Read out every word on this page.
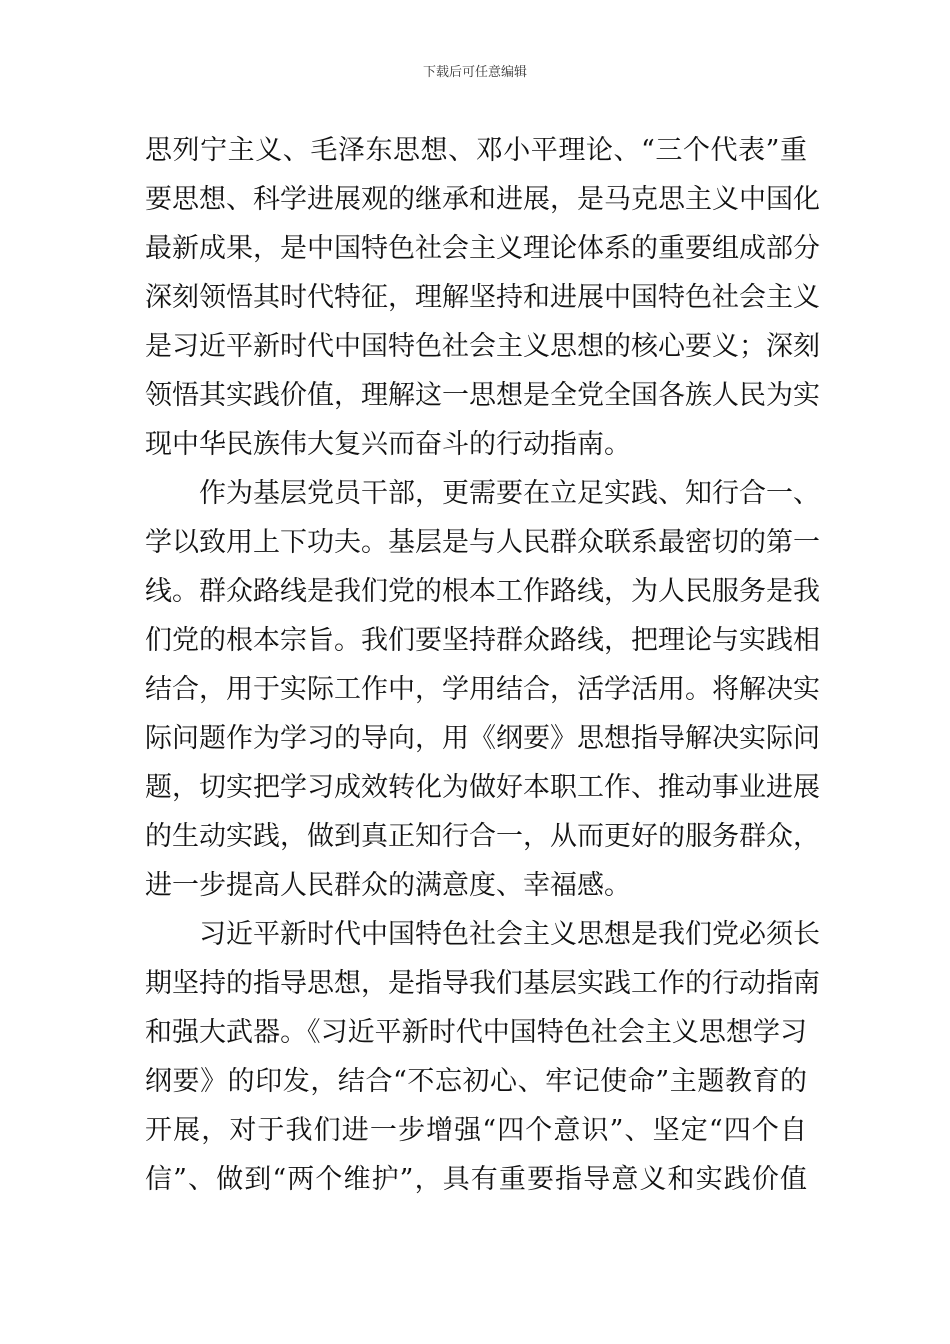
下载后可任意编辑
思列宁主义、毛泽东思想、邓小平理论、“三个代表”重
要思想、科学进展观的继承和进展，是马克思主义中国化
最新成果，是中国特色社会主义理论体系的重要组成部分
深刻领悟其时代特征，理解坚持和进展中国特色社会主义
是习近平新时代中国特色社会主义思想的核心要义；深刻
领悟其实践价值，理解这一思想是全党全国各族人民为实
现中华民族伟大复兴而奋斗的行动指南。
作为基层党员干部，更需要在立足实践、知行合一、
学以致用上下功夫。基层是与人民群众联系最密切的第一
线。群众路线是我们党的根本工作路线，为人民服务是我
们党的根本宗旨。我们要坚持群众路线，把理论与实践相
结合，用于实际工作中，学用结合，活学活用。将解决实
际问题作为学习的导向，用《纲要》思想指导解决实际问
题，切实把学习成效转化为做好本职工作、推动事业进展
的生动实践，做到真正知行合一，从而更好的服务群众，
进一步提高人民群众的满意度、幸福感。
习近平新时代中国特色社会主义思想是我们党必须长
期坚持的指导思想，是指导我们基层实践工作的行动指南
和强大武器。《习近平新时代中国特色社会主义思想学习
纲要》的印发，结合“不忘初心、牢记使命”主题教育的
开展，对于我们进一步增强“四个意识”、坚定“四个自
信”、做到“两个维护”，具有重要指导意义和实践价值
